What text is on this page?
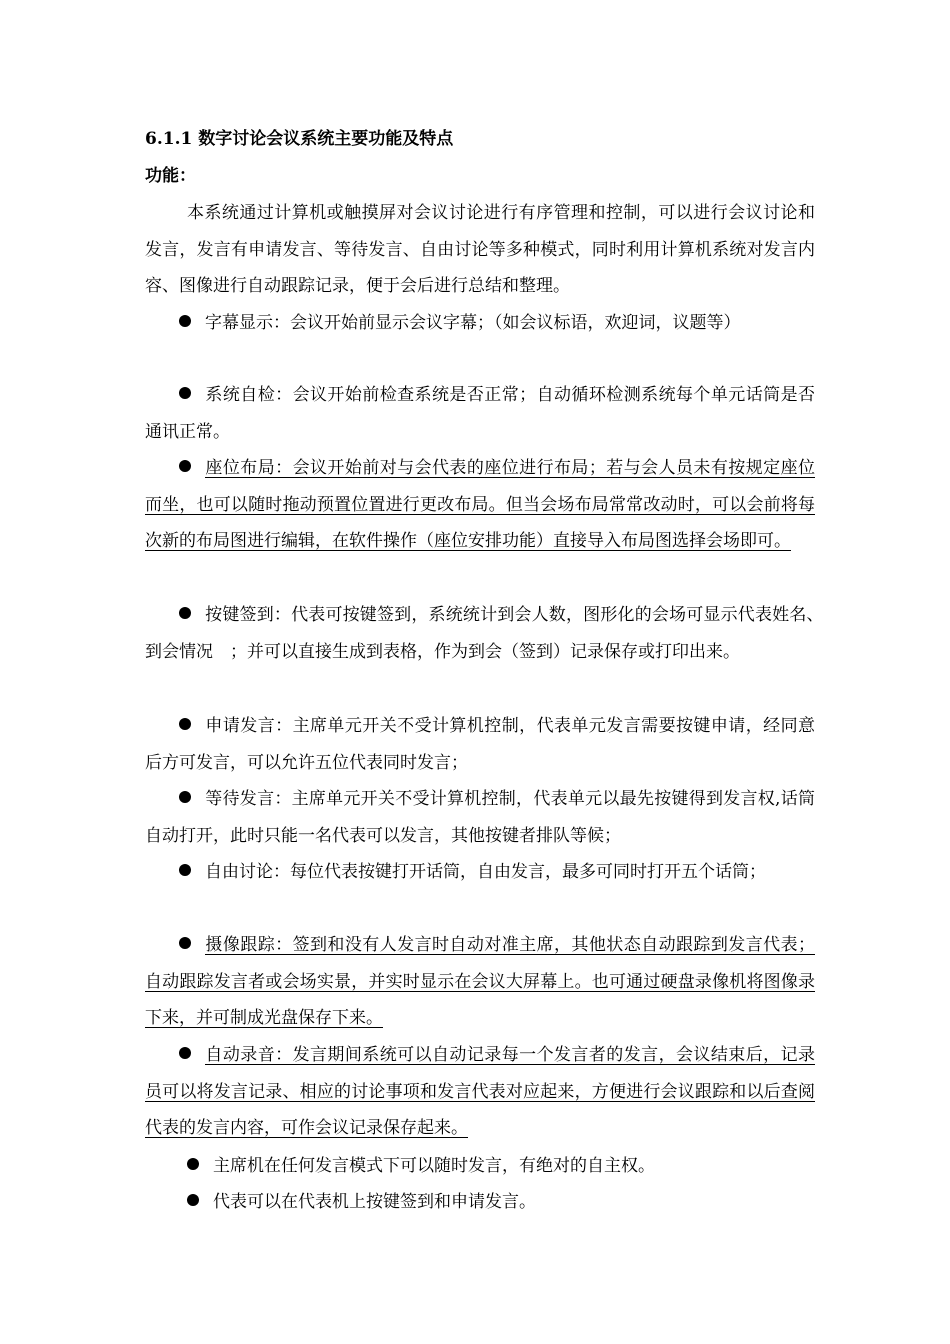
6.1.1 数字讨论会议系统主要功能及特点
功能：
本系统通过计算机或触摸屏对会议讨论进行有序管理和控制，可以进行会议讨论和发言，发言有申请发言、等待发言、自由讨论等多种模式，同时利用计算机系统对发言内容、图像进行自动跟踪记录，便于会后进行总结和整理。
字幕显示：会议开始前显示会议字幕；（如会议标语，欢迎词，议题等）
系统自检：会议开始前检查系统是否正常；自动循环检测系统每个单元话筒是否通讯正常。
座位布局：会议开始前对与会代表的座位进行布局；若与会人员未有按规定座位而坐，也可以随时拖动预置位置进行更改布局。但当会场布局常常改动时，可以会前将每次新的布局图进行编辑，在软件操作（座位安排功能）直接导入布局图选择会场即可。
按键签到：代表可按键签到，系统统计到会人数，图形化的会场可显示代表姓名、　到会情况　；并可以直接生成到表格，作为到会（签到）记录保存或打印出来。
申请发言：主席单元开关不受计算机控制，代表单元发言需要按键申请，经同意后方可发言，可以允许五位代表同时发言；
等待发言：主席单元开关不受计算机控制，代表单元以最先按键得到发言权,话筒自动打开，此时只能一名代表可以发言，其他按键者排队等候；
自由讨论：每位代表按键打开话筒，自由发言，最多可同时打开五个话筒；
摄像跟踪：签到和没有人发言时自动对准主席，其他状态自动跟踪到发言代表；自动跟踪发言者或会场实景，并实时显示在会议大屏幕上。也可通过硬盘录像机将图像录下来，并可制成光盘保存下来。
自动录音：发言期间系统可以自动记录每一个发言者的发言，会议结束后，记录员可以将发言记录、相应的讨论事项和发言代表对应起来，方便进行会议跟踪和以后查阅代表的发言内容，可作会议记录保存起来。
主席机在任何发言模式下可以随时发言，有绝对的自主权。
代表可以在代表机上按键签到和申请发言。
